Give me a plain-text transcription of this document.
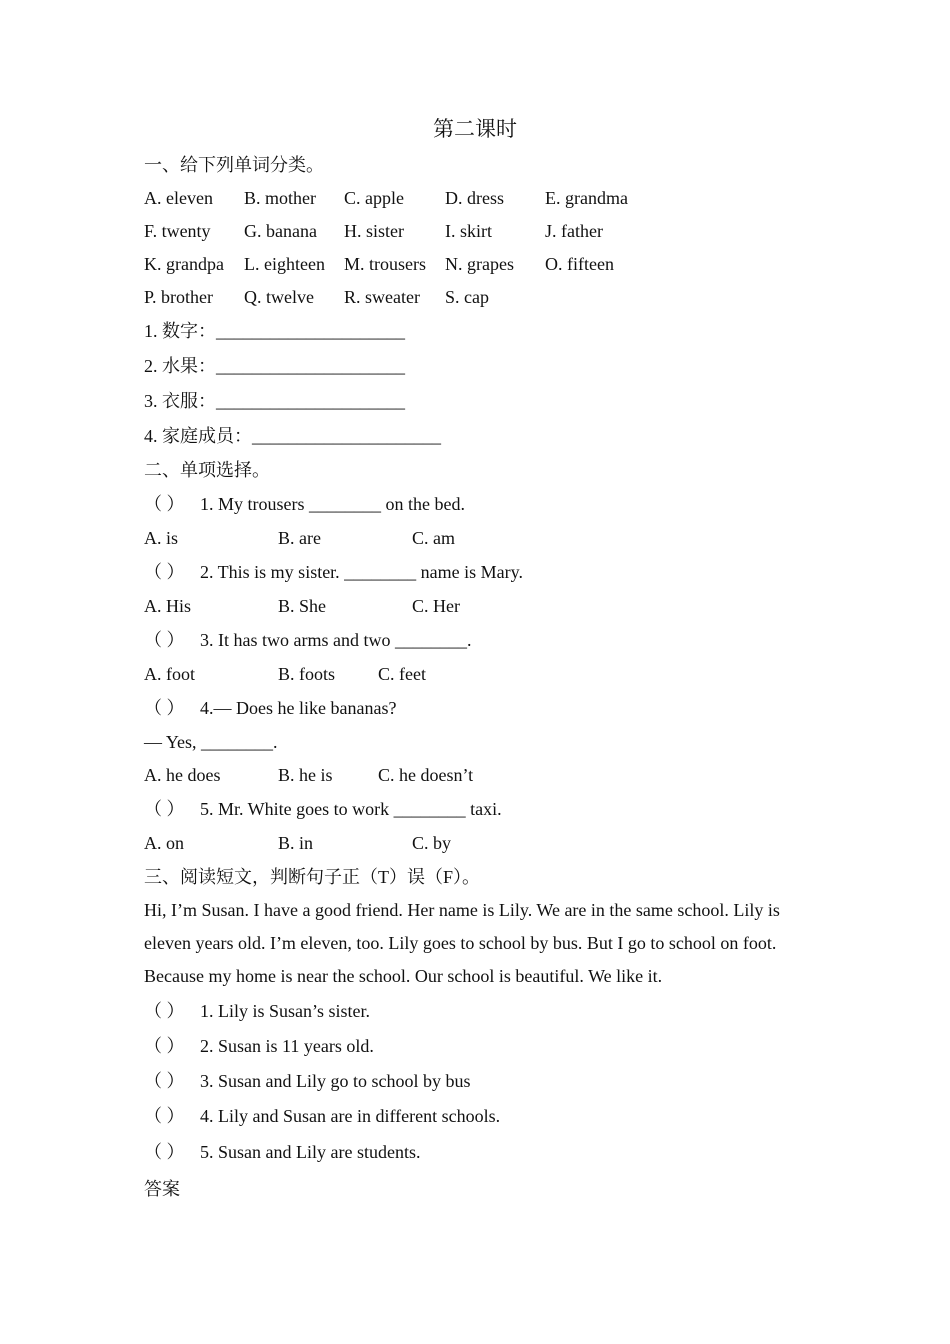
第二课时
一、给下列单词分类。
A. eleven B. mother C. apple D. dress E. grandma
F. twenty G. banana H. sister I. skirt	J. father
K. grandpa L. eighteen M. trousers N. grapes O. fifteen
P. brother Q. twelve R. sweater S. cap
1. 数字：_____________________
2. 水果：_____________________
3. 衣服：_____________________
4. 家庭成员：_____________________
二、单项选择。
（ ） 1. My trousers ________ on the bed.
A. is	B. are	C. am
（ ） 2. This is my sister. ________ name is Mary.
A. His	B. She	C. Her
（ ） 3. It has two arms and two ________.
A. foot	B. foots C. feet
（ ） 4.— Does he like bananas?
— Yes, ________.
A. he does	B. he is	C. he doesn’t
（ ） 5. Mr. White goes to work ________ taxi.
A. on	B. in	C. by
三、阅读短文，判断句子正（T）误（F）。
Hi, I’m Susan. I have a good friend. Her name is Lily. We are in the same school. Lily is eleven years old. I’m eleven, too. Lily goes to school by bus. But I go to school on foot. Because my home is near the school. Our school is beautiful. We like it.
（ ） 1. Lily is Susan’s sister.
（ ） 2. Susan is 11 years old.
（ ） 3. Susan and Lily go to school by bus
（ ） 4. Lily and Susan are in different schools.
（ ） 5. Susan and Lily are students.
答案
